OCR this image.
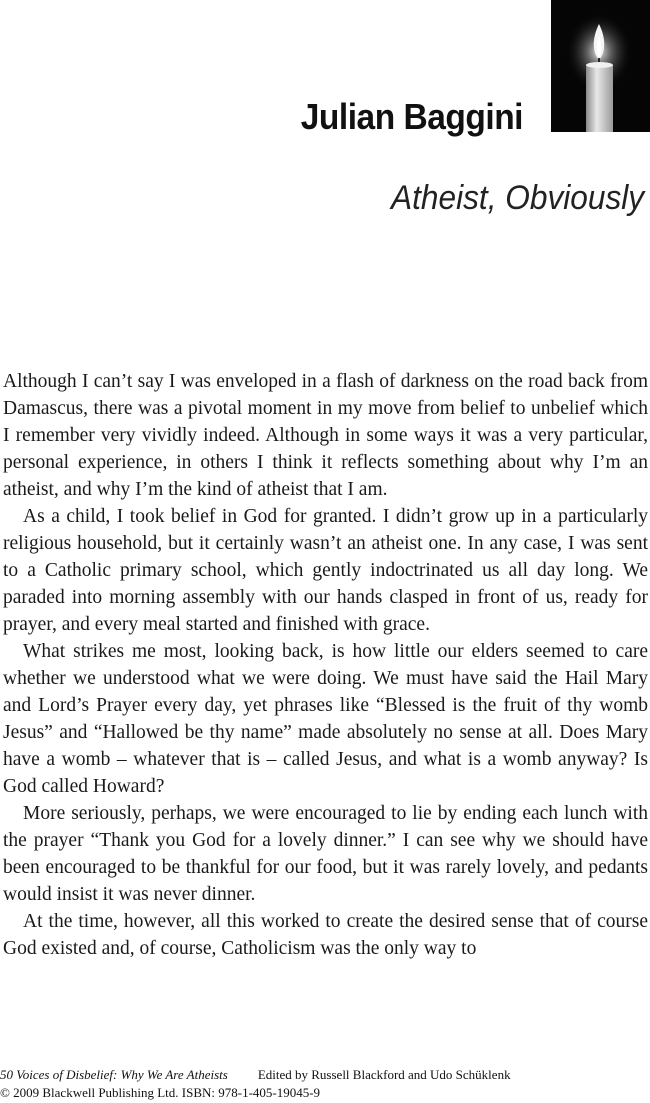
Julian Baggini
Atheist, Obviously

Although I can’t say I was enveloped in a flash of darkness on the road back from Damascus, there was a pivotal moment in my move from belief to unbelief which I remember very vividly indeed. Although in some ways it was a very particular, personal experience, in others I think it reflects something about why I’m an atheist, and why I’m the kind of atheist that I am.

As a child, I took belief in God for granted. I didn’t grow up in a particularly religious household, but it certainly wasn’t an atheist one. In any case, I was sent to a Catholic primary school, which gently indoctrinated us all day long. We paraded into morning assembly with our hands clasped in front of us, ready for prayer, and every meal started and finished with grace.

What strikes me most, looking back, is how little our elders seemed to care whether we understood what we were doing. We must have said the Hail Mary and Lord’s Prayer every day, yet phrases like “Blessed is the fruit of thy womb Jesus” and “Hallowed be thy name” made absolutely no sense at all. Does Mary have a womb – whatever that is – called Jesus, and what is a womb anyway? Is God called Howard?

More seriously, perhaps, we were encouraged to lie by ending each lunch with the prayer “Thank you God for a lovely dinner.” I can see why we should have been encouraged to be thankful for our food, but it was rarely lovely, and pedants would insist it was never dinner.

At the time, however, all this worked to create the desired sense that of course God existed and, of course, Catholicism was the only way to

50 Voices of Disbelief: Why We Are Atheists Edited by Russell Blackford and Udo Schüklenk
© 2009 Blackwell Publishing Ltd. ISBN: 978-1-405-19045-9
